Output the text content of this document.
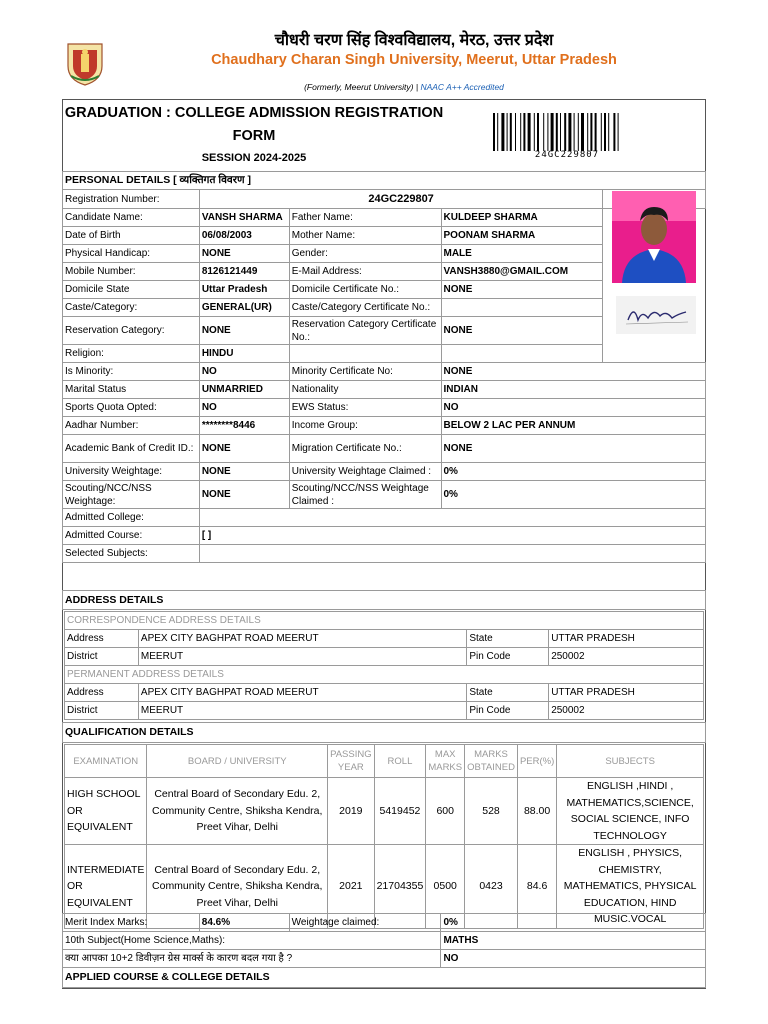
चौधरी चरण सिंह विश्वविद्यालय, मेरठ, उत्तर प्रदेश
Chaudhary Charan Singh University, Meerut, Uttar Pradesh
(Formerly, Meerut University) | NAAC A++ Accredited
GRADUATION : COLLEGE ADMISSION REGISTRATION FORM
SESSION 2024-2025	24GC229807
PERSONAL DETAILS [ व्यक्तिगत विवरण ]				
Registration Number:	24GC229807			
Candidate Name:	VANSH SHARMA	Father Name:	KULDEEP SHARMA	
Date of Birth	06/08/2003	Mother Name:	POONAM SHARMA	
Physical Handicap:	NONE	Gender:	MALE	
Mobile Number:	8126121449	E-Mail Address:	VANSH3880@GMAIL.COM	
Domicile State	Uttar Pradesh	Domicile Certificate No.:	NONE	
Caste/Category:	GENERAL(UR)	Caste/Category Certificate No.:		
Reservation Category:	NONE	Reservation Category Certificate No.:	NONE	
Religion:	HINDU			
Is Minority:	NO	Minority Certificate No:	NONE	
Marital Status	UNMARRIED	Nationality	INDIAN	
Sports Quota Opted:	NO	EWS Status:	NO	
Aadhar Number:	********8446	Income Group:	BELOW 2 LAC PER ANNUM	
Academic Bank of Credit ID.:	NONE	Migration Certificate No.:	NONE	
University Weightage:	NONE	University Weightage Claimed :	0%	
Scouting/NCC/NSS Weightage:	NONE	Scouting/NCC/NSS Weightage Claimed :	0%	
Admitted College:				
Admitted Course:	[ ]			
Selected Subjects:				
ADDRESS DETAILS
CORRESPONDENCE ADDRESS DETAILS			
Address	APEX CITY BAGHPAT ROAD MEERUT	State	UTTAR PRADESH
District	MEERUT	Pin Code	250002
PERMANENT ADDRESS DETAILS			
Address	APEX CITY BAGHPAT ROAD MEERUT	State	UTTAR PRADESH
District	MEERUT	Pin Code	250002
QUALIFICATION DETAILS
EXAMINATION	BOARD / UNIVERSITY	PASSING YEAR	ROLL	MAX MARKS	MARKS OBTAINED	PER(%)	SUBJECTS
HIGH SCHOOL OR EQUIVALENT	Central Board of Secondary Edu. 2, Community Centre, Shiksha Kendra, Preet Vihar, Delhi	2019	5419452	600	528	88.00	ENGLISH ,HINDI , MATHEMATICS,SCIENCE, SOCIAL SCIENCE, INFO TECHNOLOGY
INTERMEDIATE OR EQUIVALENT	Central Board of Secondary Edu. 2, Community Centre, Shiksha Kendra, Preet Vihar, Delhi	2021	21704355	0500	0423	84.6	ENGLISH , PHYSICS, CHEMISTRY, MATHEMATICS, PHYSICAL EDUCATION, HIND MUSIC.VOCAL
Merit Index Marks:	84.6%	Weightage claimed:	0%
10th Subject(Home Science,Maths):			MATHS
क्या आपका 10+2 डिवीज़न ग्रेस मार्क्स के कारण बदल गया है ?			NO
APPLIED COURSE & COLLEGE DETAILS			
